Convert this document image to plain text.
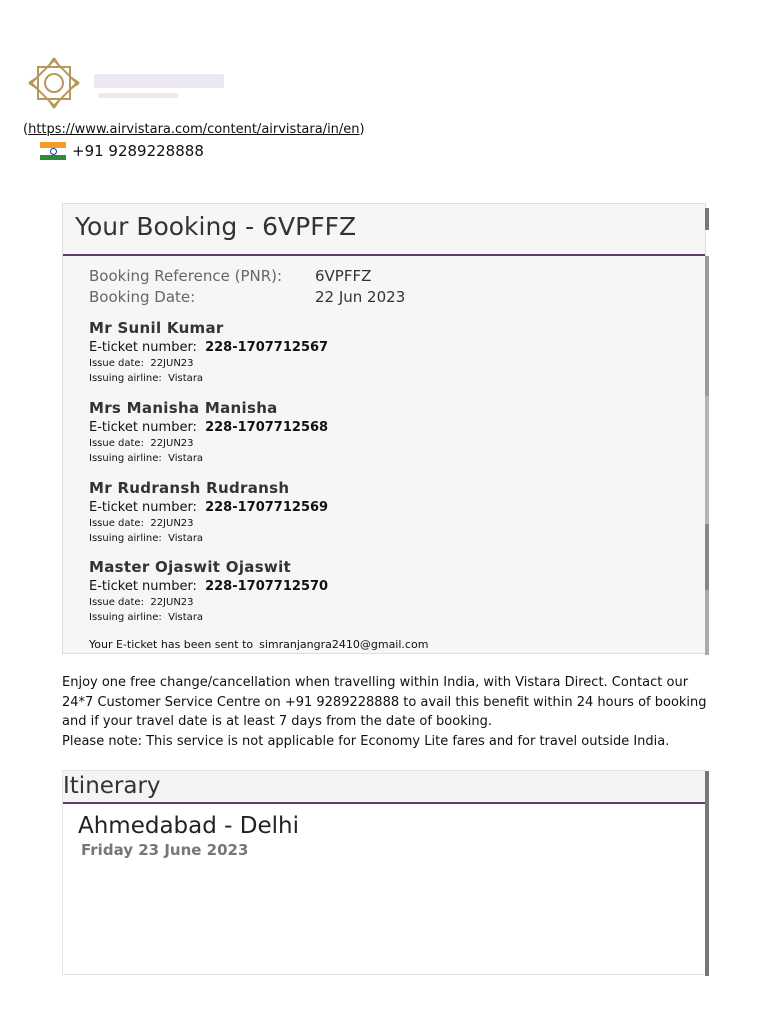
(https://www.airvistara.com/content/airvistara/in/en)
+91 9289228888
Your Booking - 6VPFFZ
Booking Reference (PNR): 6VPFFZ
Booking Date:	22 Jun 2023
Mr Sunil Kumar
E-ticket number: 228-1707712567
Issue date: 22JUN23
Issuing airline: Vistara
Mrs Manisha Manisha
E-ticket number: 228-1707712568
Issue date: 22JUN23
Issuing airline: Vistara
Mr Rudransh Rudransh
E-ticket number: 228-1707712569
Issue date: 22JUN23
Issuing airline: Vistara
Master Ojaswit Ojaswit
E-ticket number: 228-1707712570
Issue date: 22JUN23
Issuing airline: Vistara
Your E-ticket has been sent to simranjangra2410@gmail.com

Enjoy one free change/cancellation when travelling within India, with Vistara Direct. Contact our 24*7 Customer Service Centre on +91 9289228888 to avail this benefit within 24 hours of booking and if your travel date is at least 7 days from the date of booking.

Please note: This service is not applicable for Economy Lite fares and for travel outside India.

Itinerary
Ahmedabad - Delhi
Friday 23 June 2023
